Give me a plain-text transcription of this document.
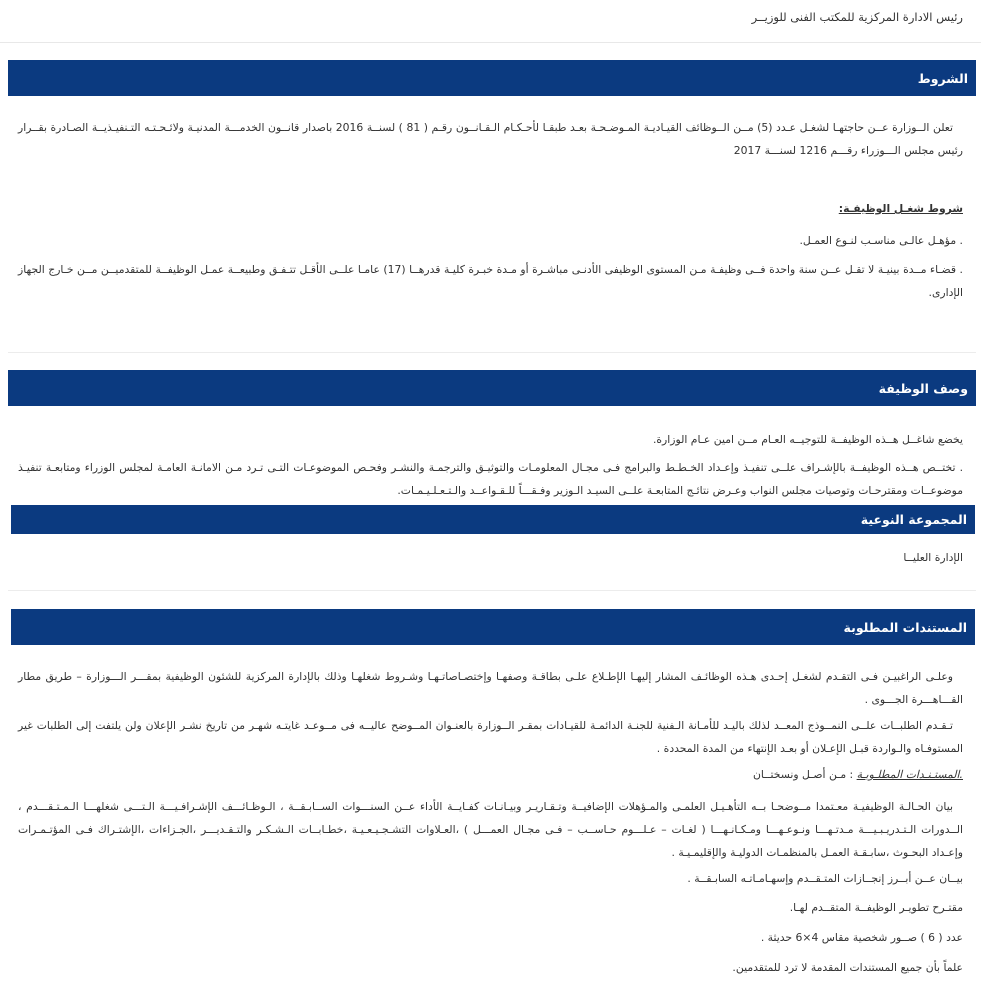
رئيس الادارة المركزية للمكتب الفنى للوزيــر
الشروط

تعلن الــوزارة عــن حاجتهـا لشغـل عـدد (5) مــن الــوظائف القيـاديـة المـوضـحـة بعـد طبقـا لأحـكـام الـقـانــون رقـم ( 81 ) لسنــة 2016 باصدار قانــون الخدمـــة المدنيـة ولائـحـتـه التـنفيـذيــة الصـادرة بقــرار رئيس مجلس الـــوزراء رقـــم 1216 لسنـــة 2017

شروط شغـل الوظيفـة:

. مؤهـل عالـى مناسـب لنـوع العمـل.

. قضـاء مــدة بينيـة لا تقـل عــن سنة واحدة فــى وظيفـة مـن المستوى الوظيفى الأدنـى مباشـرة أو مـدة خبـرة كليـة قدرهــا (17) عامـا علــى الأقـل تتـفـق وطبيعــة عمـل الوظيفــة للمتقدميــن مــن خـارج الجهاز الإدارى.

وصف الوظيفة

يخضع شاغــل هــذه الوظيفــة للتوجيــه العـام مــن امين عـام الوزارة.

. تختــص هــذه الوظيفــة بالإشـراف علــى تنفيـذ وإعـداد الخـطـط والبرامج فـى مجـال المعلومـات والتوثيـق والترجمـة والنشـر وفحـص الموضوعـات التـى تـرد مـن الامانـة العامـة لمجلس الوزراء ومتابعـة تنفيـذ موضوعــات ومقترحـات وتوصيات مجلس النواب وعـرض نتائـج المتابعـة علــى السيـد الـوزير وفـقـــاً للـقـواعــد والـتـعـلـيـمـات.

المجموعة النوعية

الإدارة العليــا

المستندات المطلوبة

وعلـى الراغبيـن فـى التقـدم لشغـل إحـدى هـذه الوظائـف المشار إليهـا الإطـلاع علـى بطاقـة وصفهـا وإختصـاصاتـهـا وشـروط شغلهـا وذلك بالإدارة المركزية للشئون الوظيفية بمقـــر الـــوزارة – طريق مطار القـــاهـــرة الجـــوى .

تـقـدم الطلبــات علــى النمــوذج المعــد لذلك باليـد للأمـانة الـفنية للجنـة الدائمـة للقيـادات بمقـر الــوزارة بالعنـوان المــوضح عاليــه فى مــوعـد غايتـه شهـر من تاريخ نشـر الإعلان ولن يلتفت إلى الطلبات غير المستوفـاه والـواردة قبـل الإعـلان أو بعـد الإنتهاء من المدة المحددة .

.المستـنـدات المطلـوبـة : مـن أصـل ونسختــان

بيان الحـالـة الوظيفيـة معـتمدا مــوضحـا بــه التأهـيـل العلمـى والمـؤهلات الإضافيــة وتـقـاريـر وبيـانـات كفـايــة الأداء عــن السنـــوات الســابـقــة ، الـوظـائـــف الإشـرافـيـــة الـتـــى شغلهـــا الـمـتـقـــدم ، الــدورات الـتـدريـبـيـــة مـدتـهـــا ونـوعـهـــا ومـكـانـهـــا ( لغـات – عـلـــوم حـاســب – فـى مجـال العمـــل ) ،العـلاوات التشـجـيـعـيـة ،خطـابــات الـشـكـر والتـقـديـــر ،الجـزاءات ،الإشتـراك فـى المؤتـمـرات وإعـداد البحـوث ،سابـقـة العمـل بالمنظمـات الدوليـة والإقليمـيـة .

بيــان عــن أبــرز إنجــازات المتـقــدم وإسهـامـاتـه السابـقــة .

مقتـرح تطويـر الوظيفــة المتقــدم لهـا.

عدد ( 6 ) صــور شخصية مقاس 4×6 حديثة .

علماً بأن جميع المستندات المقدمة لا ترد للمتقدمين.
